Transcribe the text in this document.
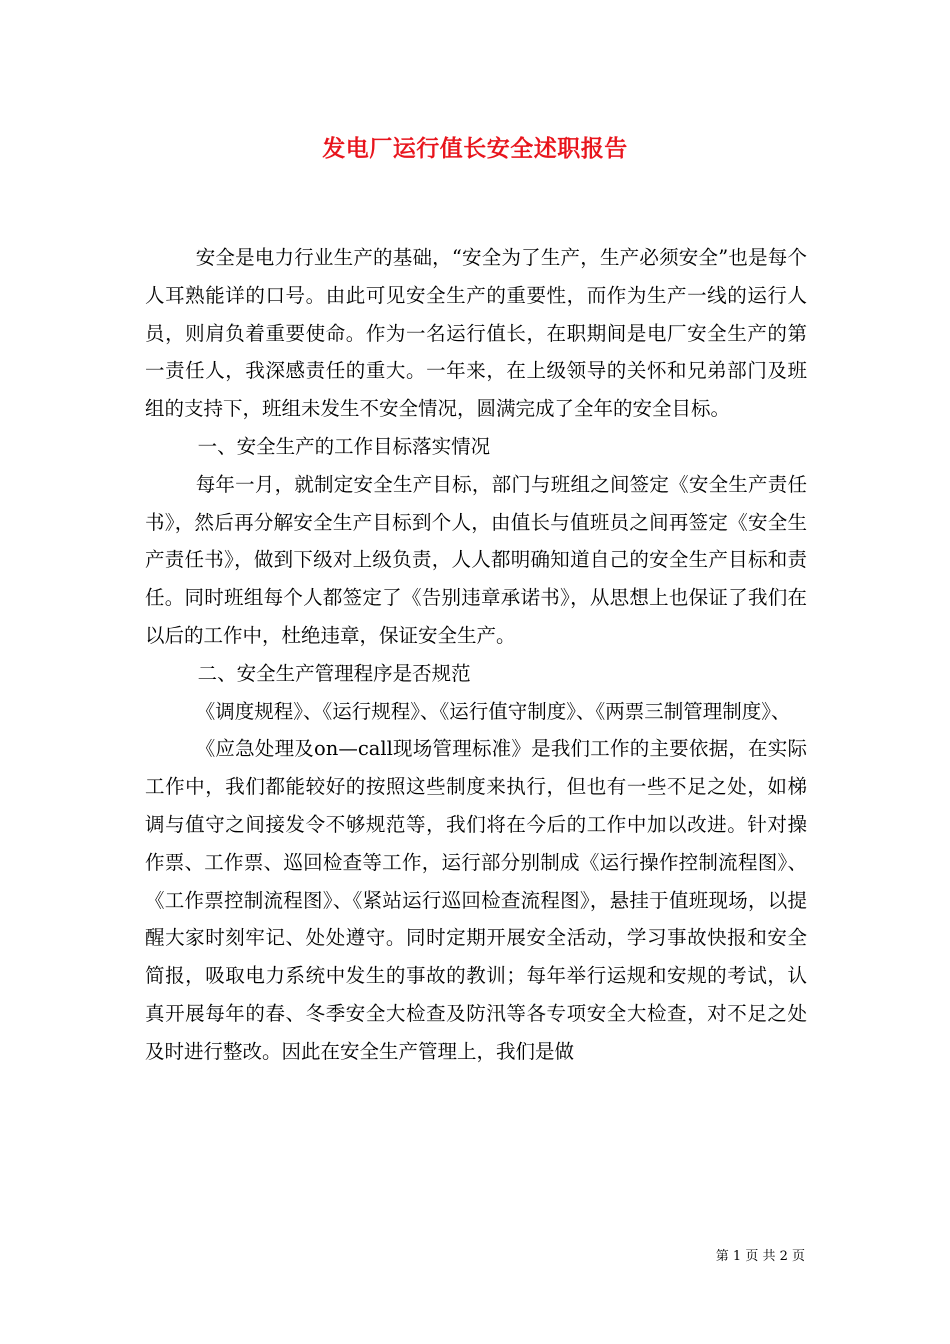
发电厂运行值长安全述职报告

安全是电力行业生产的基础，“安全为了生产，生产必须安全”也是每个人耳熟能详的口号。由此可见安全生产的重要性，而作为生产一线的运行人员，则肩负着重要使命。作为一名运行值长，在职期间是电厂安全生产的第一责任人，我深感责任的重大。一年来，在上级领导的关怀和兄弟部门及班组的支持下，班组未发生不安全情况，圆满完成了全年的安全目标。

一、安全生产的工作目标落实情况

每年一月，就制定安全生产目标，部门与班组之间签定《安全生产责任书》，然后再分解安全生产目标到个人，由值长与值班员之间再签定《安全生产责任书》，做到下级对上级负责，人人都明确知道自己的安全生产目标和责任。同时班组每个人都签定了《告别违章承诺书》，从思想上也保证了我们在以后的工作中，杜绝违章，保证安全生产。

二、安全生产管理程序是否规范

《调度规程》、《运行规程》、《运行值守制度》、《两票三制管理制度》、

《应急处理及on—call现场管理标准》是我们工作的主要依据，在实际工作中，我们都能较好的按照这些制度来执行，但也有一些不足之处，如梯调与值守之间接发令不够规范等，我们将在今后的工作中加以改进。针对操作票、工作票、巡回检查等工作，运行部分别制成《运行操作控制流程图》、《工作票控制流程图》、《紧站运行巡回检查流程图》，悬挂于值班现场，以提醒大家时刻牢记、处处遵守。同时定期开展安全活动，学习事故快报和安全简报，吸取电力系统中发生的事故的教训；每年举行运规和安规的考试，认真开展每年的春、冬季安全大检查及防汛等各专项安全大检查，对不足之处及时进行整改。因此在安全生产管理上，我们是做

第 1 页 共 2 页
